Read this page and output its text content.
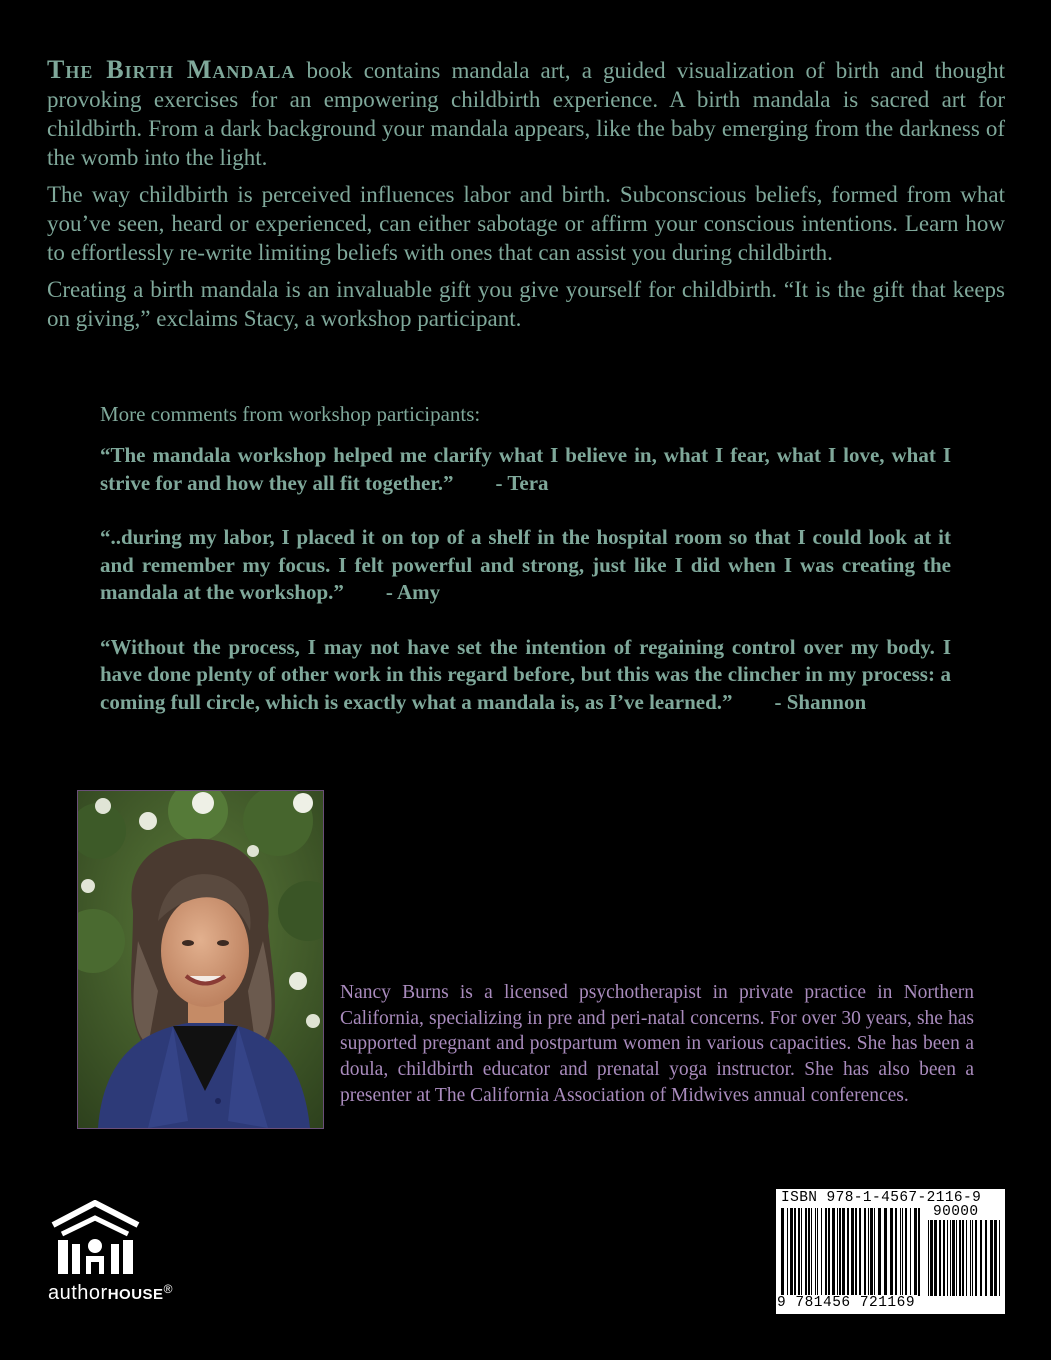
The Birth Mandala book contains mandala art, a guided visualization of birth and thought provoking exercises for an empowering childbirth experience. A birth mandala is sacred art for childbirth. From a dark background your mandala appears, like the baby emerging from the darkness of the womb into the light.

The way childbirth is perceived influences labor and birth. Subconscious beliefs, formed from what you’ve seen, heard or experienced, can either sabotage or affirm your conscious intentions. Learn how to effortlessly re-write limiting beliefs with ones that can assist you during childbirth.

Creating a birth mandala is an invaluable gift you give yourself for childbirth. “It is the gift that keeps on giving,” exclaims Stacy, a workshop participant.

More comments from workshop participants:
“The mandala workshop helped me clarify what I believe in, what I fear, what I love, what I strive for and how they all fit together.”        - Tera
“..during my labor, I placed it on top of a shelf in the hospital room so that I could look at it and remember my focus. I felt powerful and strong, just like I did when I was creating the mandala at the workshop.”        - Amy
“Without the process, I may not have set the intention of regaining control over my body. I have done plenty of other work in this regard before, but this was the clincher in my process: a coming full circle, which is exactly what a mandala is, as I’ve learned.”        - Shannon
Nancy Burns is a licensed psychotherapist in private practice in Northern California, specializing in pre and peri-natal concerns. For over 30 years, she has supported pregnant and postpartum women in various capacities. She has been a doula, childbirth educator and prenatal yoga instructor. She has also been a presenter at The California Association of Midwives annual conferences.
authorHOUSE®
ISBN 978-1-4567-2116-9
90000
9 781456 721169
